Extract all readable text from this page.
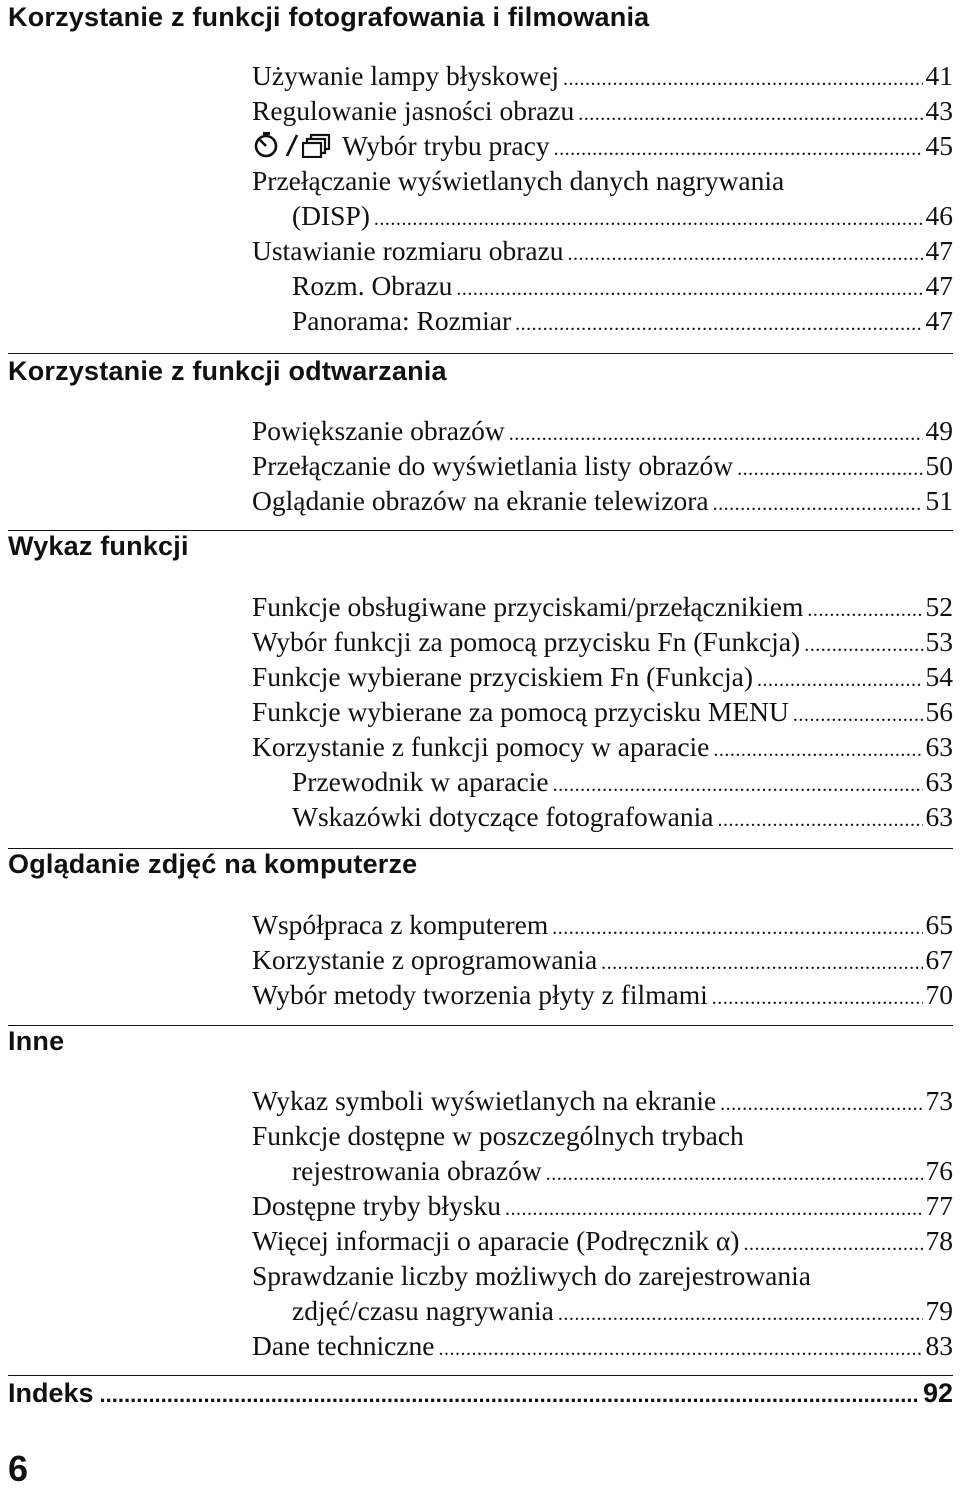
Korzystanie z funkcji fotografowania i filmowania
Używanie lampy błyskowej .....	41
Regulowanie jasności obrazu .....	43
Wybór trybu pracy .....	45
Przełączanie wyświetlanych danych nagrywania
(DISP) .....	46
Ustawianie rozmiaru obrazu .....	47
Rozm. Obrazu .....	47
Panorama: Rozmiar .....	47
Korzystanie z funkcji odtwarzania
Powiększanie obrazów .....	49
Przełączanie do wyświetlania listy obrazów .....	50
Oglądanie obrazów na ekranie telewizora .....	51
Wykaz funkcji
Funkcje obsługiwane przyciskami/przełącznikiem .....	52
Wybór funkcji za pomocą przycisku Fn (Funkcja) .....	53
Funkcje wybierane przyciskiem Fn (Funkcja) .....	54
Funkcje wybierane za pomocą przycisku MENU .....	56
Korzystanie z funkcji pomocy w aparacie .....	63
Przewodnik w aparacie .....	63
Wskazówki dotyczące fotografowania .....	63
Oglądanie zdjęć na komputerze
Współpraca z komputerem .....	65
Korzystanie z oprogramowania .....	67
Wybór metody tworzenia płyty z filmami .....	70
Inne
Wykaz symboli wyświetlanych na ekranie .....	73
Funkcje dostępne w poszczególnych trybach
rejestrowania obrazów .....	76
Dostępne tryby błysku .....	77
Więcej informacji o aparacie (Podręcznik α) .....	78
Sprawdzanie liczby możliwych do zarejestrowania
zdjęć/czasu nagrywania .....	79
Dane techniczne .....	83
Indeks .....	92
6
